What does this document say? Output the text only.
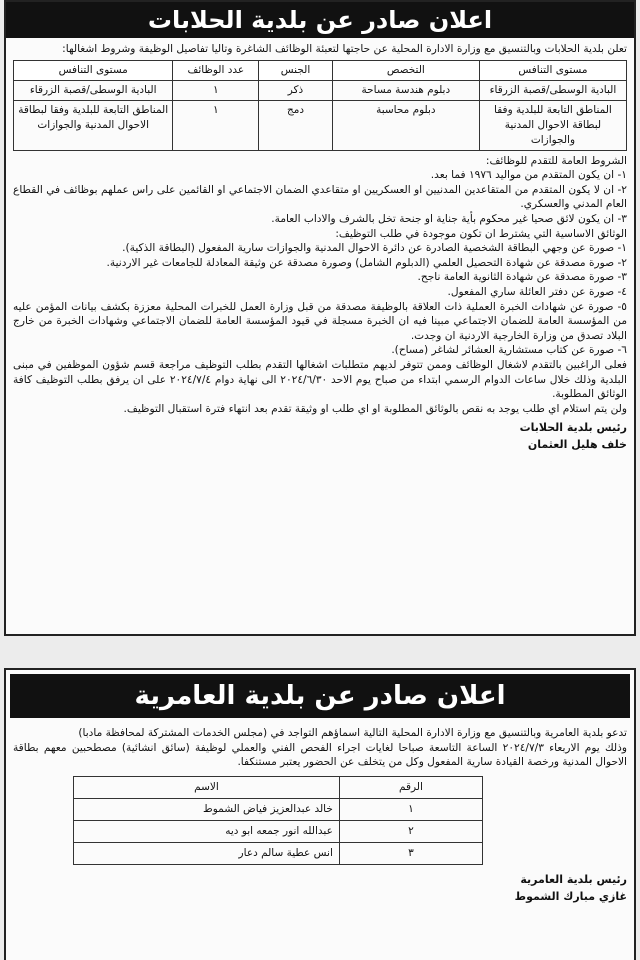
اعلان صادر عن بلدية الحلابات

تعلن بلدية الحلابات وبالتنسيق مع وزارة الادارة المحلية عن حاجتها لتعبئة الوظائف الشاغرة وتاليا تفاصيل الوظيفة وشروط اشغالها:

مستوى التنافس	التخصص	الجنس	عدد الوظائف	مستوى التنافس
البادية الوسطى/قصبة الزرقاء	دبلوم هندسة مساحة	ذكر	١	البادية الوسطى/قصبة الزرقاء
المناطق التابعة للبلدية وفقا لبطاقة الاحوال المدنية والجوازات	دبلوم محاسبة	دمج	١	المناطق التابعة للبلدية وفقا لبطاقة الاحوال المدنية والجوازات

الشروط العامة للتقدم للوظائف:

١- ان يكون المتقدم من مواليد ١٩٧٦ فما بعد.

٢- ان لا يكون المتقدم من المتقاعدين المدنيين او العسكريين او متقاعدي الضمان الاجتماعي او القائمين على راس عملهم بوظائف في القطاع العام المدني والعسكري.

٣- ان يكون لائق صحيا غير محكوم بأية جناية او جنحة تخل بالشرف والاداب العامة.

الوثائق الاساسية التي يشترط ان تكون موجودة في طلب التوظيف:

١- صورة عن وجهي البطاقة الشخصية الصادرة عن دائرة الاحوال المدنية والجوازات سارية المفعول (البطاقة الذكية).

٢- صورة مصدقة عن شهادة التحصيل العلمي (الدبلوم الشامل) وصورة مصدقة عن وثيقة المعادلة للجامعات غير الاردنية.

٣- صورة مصدقة عن شهادة الثانوية العامة ناجح.

٤- صورة عن دفتر العائلة ساري المفعول.

٥- صورة عن شهادات الخبرة العملية ذات العلاقة بالوظيفة مصدقة من قبل وزارة العمل للخبرات المحلية معززة بكشف بيانات المؤمن عليه من المؤسسة العامة للضمان الاجتماعي مبينا فيه ان الخبرة مسجلة في قيود المؤسسة العامة للضمان الاجتماعي وشهادات الخبرة من خارج البلاد تصدق من وزارة الخارجية الاردنية ان وجدت.

٦- صورة عن كتاب مستشارية العشائر لشاغر (مساح).

فعلى الراغبين بالتقدم لاشغال الوظائف وممن تتوفر لديهم متطلبات اشغالها التقدم بطلب التوظيف مراجعة قسم شؤون الموظفين في مبنى البلدية وذلك خلال ساعات الدوام الرسمي ابتداء من صباح يوم الاحد ٢٠٢٤/٦/٣٠ الى نهاية دوام ٢٠٢٤/٧/٤ على ان يرفق بطلب التوظيف كافة الوثائق المطلوبة.

ولن يتم استلام اي طلب يوجد به نقص بالوثائق المطلوبة او اي طلب او وثيقة تقدم بعد انتهاء فترة استقبال التوظيف.

رئيس بلدية الحلابات
خلف هليل العثمان
اعلان صادر عن بلدية العامرية

تدعو بلدية العامرية وبالتنسيق مع وزارة الادارة المحلية التالية اسماؤهم التواجد في (مجلس الخدمات المشتركة لمحافظة مادبا)

وذلك يوم الاربعاء ٢٠٢٤/٧/٣ الساعة التاسعة صباحا لغايات اجراء الفحص الفني والعملي لوظيفة (سائق انشائية) مصطحبين معهم بطاقة الاحوال المدنية ورخصة القيادة سارية المفعول وكل من يتخلف عن الحضور يعتبر مستنكفا.

الرقم	الاسم
١	خالد عبدالعزيز فياض الشموط
٢	عبدالله انور جمعه ابو ديه
٣	انس عطية سالم دعار
رئيس بلدية العامرية
غازي مبارك الشموط
